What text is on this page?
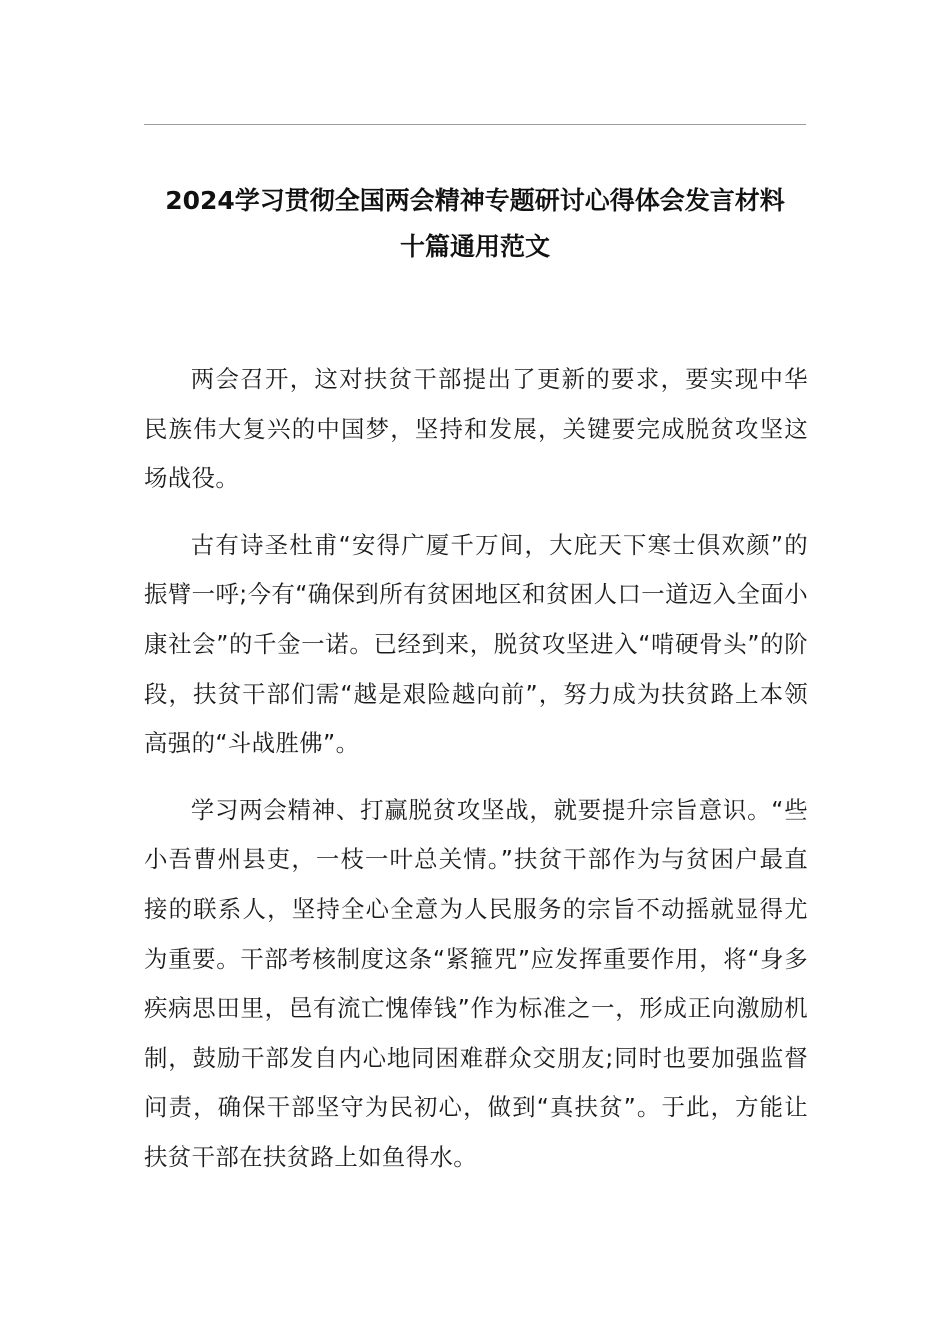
2024学习贯彻全国两会精神专题研讨心得体会发言材料
十篇通用范文

两会召开，这对扶贫干部提出了更新的要求，要实现中华民族伟大复兴的中国梦，坚持和发展，关键要完成脱贫攻坚这场战役。

古有诗圣杜甫“安得广厦千万间，大庇天下寒士俱欢颜”的振臂一呼;今有“确保到所有贫困地区和贫困人口一道迈入全面小康社会”的千金一诺。已经到来，脱贫攻坚进入“啃硬骨头”的阶段，扶贫干部们需“越是艰险越向前”，努力成为扶贫路上本领高强的“斗战胜佛”。

学习两会精神、打赢脱贫攻坚战，就要提升宗旨意识。“些小吾曹州县吏，一枝一叶总关情。”扶贫干部作为与贫困户最直接的联系人，坚持全心全意为人民服务的宗旨不动摇就显得尤为重要。干部考核制度这条“紧箍咒”应发挥重要作用，将“身多疾病思田里，邑有流亡愧俸钱”作为标准之一，形成正向激励机制，鼓励干部发自内心地同困难群众交朋友;同时也要加强监督问责，确保干部坚守为民初心，做到“真扶贫”。于此，方能让扶贫干部在扶贫路上如鱼得水。
